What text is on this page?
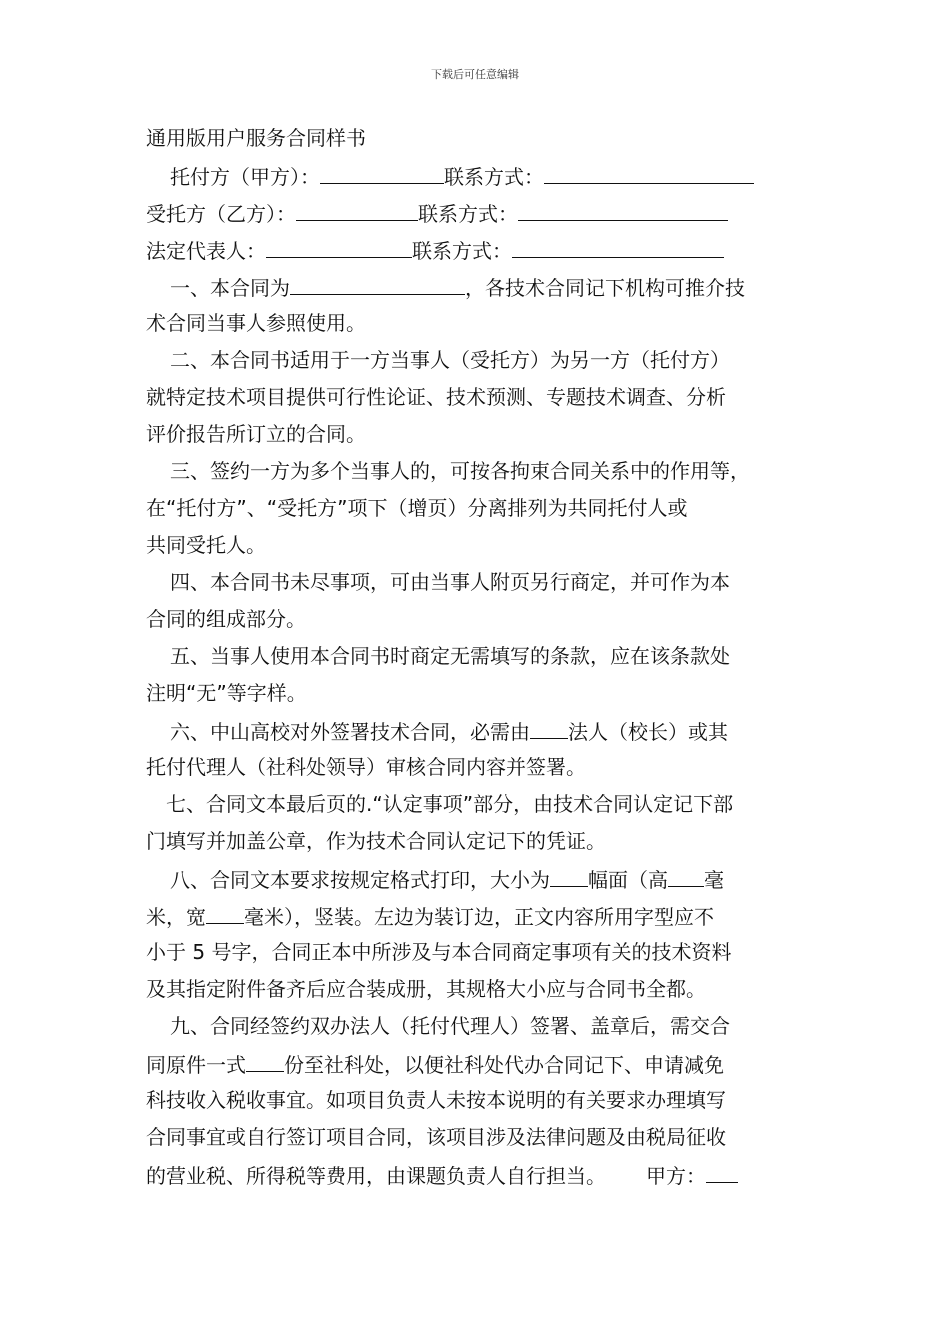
下载后可任意编辑
通用版用户服务合同样书
托付方（甲方）：	联系方式：
受托方（乙方）：	联系方式：
法定代表人：	联系方式：
一、本合同为	，各技术合同记下机构可推介技
术合同当事人参照使用。
二、本合同书适用于一方当事人（受托方）为另一方（托付方）
就特定技术项目提供可行性论证、技术预测、专题技术调查、分析
评价报告所订立的合同。
三、签约一方为多个当事人的，可按各拘束合同关系中的作用等，
在“托付方”、“受托方”项下（增页）分离排列为共同托付人或
共同受托人。
四、本合同书未尽事项，可由当事人附页另行商定，并可作为本
合同的组成部分。
五、当事人使用本合同书时商定无需填写的条款，应在该条款处
注明“无”等字样。
六、中山高校对外签署技术合同，必需由 法人（校长）或其
托付代理人（社科处领导）审核合同内容并签署。
七、合同文本最后页的.“认定事项”部分，由技术合同认定记下部
门填写并加盖公章，作为技术合同认定记下的凭证。
八、合同文本要求按规定格式打印，大小为 幅面（高 毫
米，宽 毫米），竖装。左边为装订边，正文内容所用字型应不
小于 5 号字，合同正本中所涉及与本合同商定事项有关的技术资料
及其指定附件备齐后应合装成册，其规格大小应与合同书全都。
九、合同经签约双办法人（托付代理人）签署、盖章后，需交合
同原件一式 份至社科处，以便社科处代办合同记下、申请减免
科技收入税收事宜。如项目负责人未按本说明的有关要求办理填写
合同事宜或自行签订项目合同，该项目涉及法律问题及由税局征收
的营业税、所得税等费用，由课题负责人自行担当。 甲方：
